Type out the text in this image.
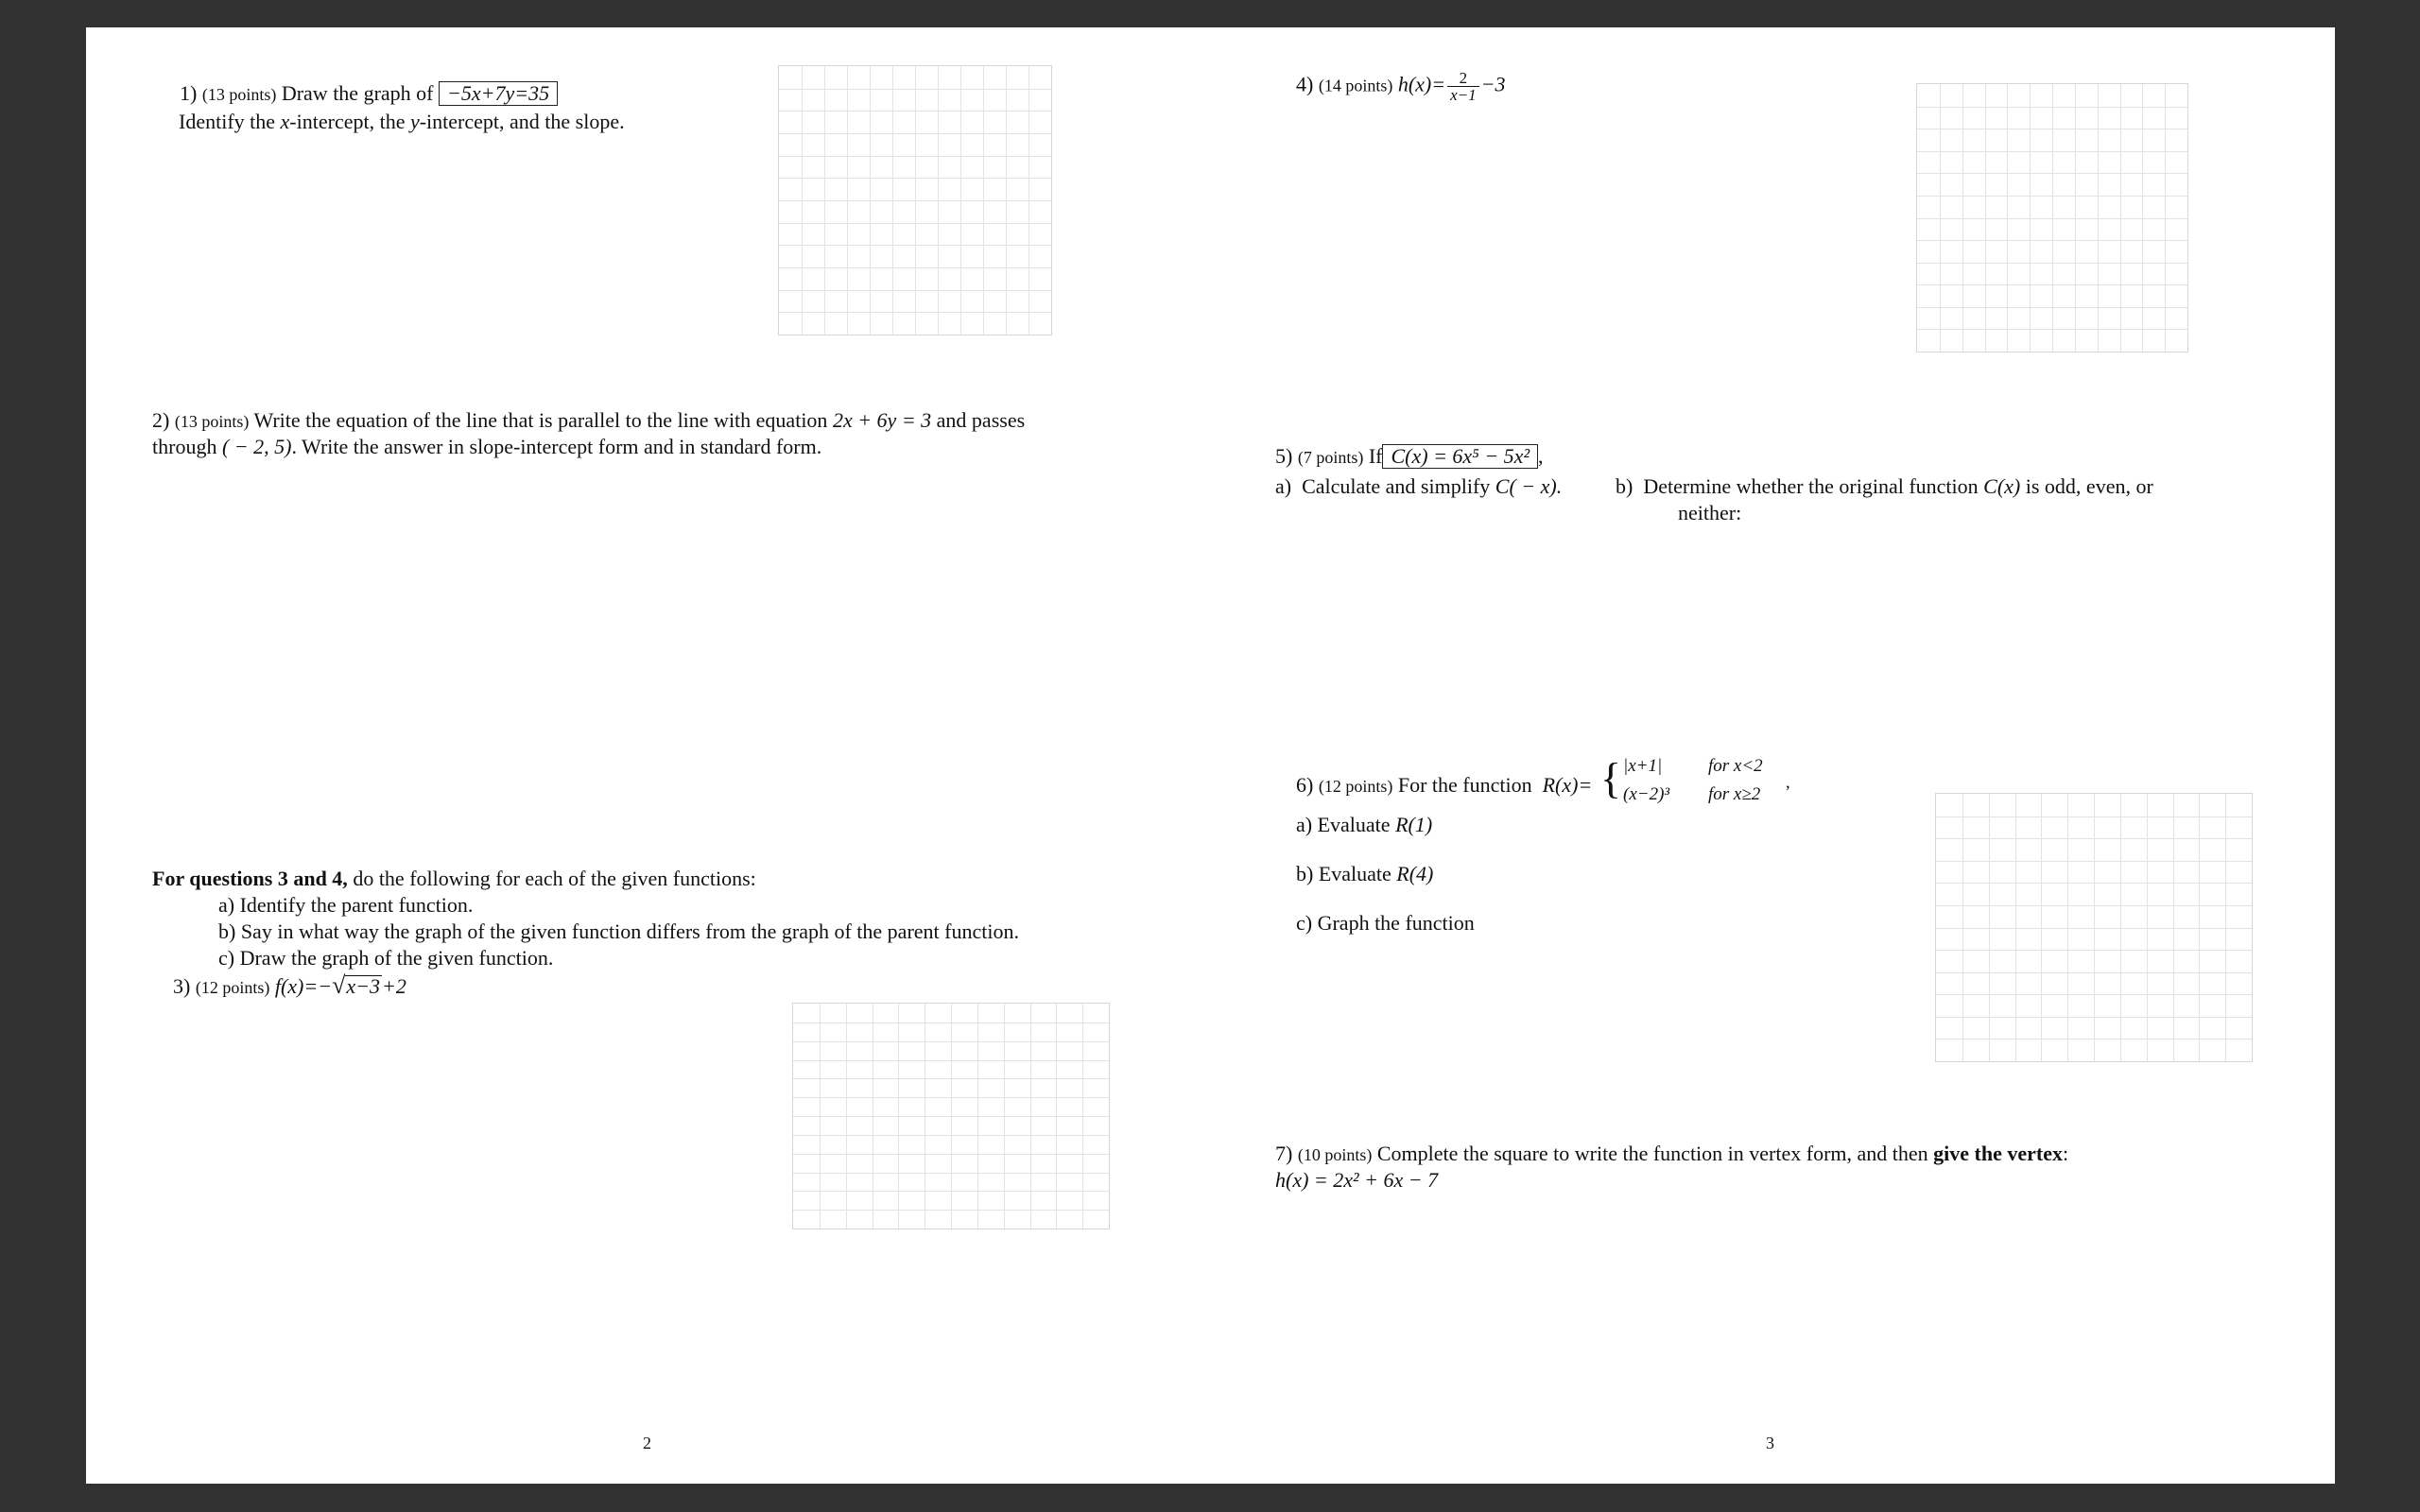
1) (13 points) Draw the graph of −5x+7y=35
Identify the x-intercept, the y-intercept, and the slope.
2) (13 points) Write the equation of the line that is parallel to the line with equation 2x + 6y = 3 and passes
through ( − 2, 5). Write the answer in slope-intercept form and in standard form.
For questions 3 and 4, do the following for each of the given functions:
a) Identify the parent function.
b) Say in what way the graph of the given function differs from the graph of the parent function.
c) Draw the graph of the given function.
3) (12 points) f(x)=−√x−3+2
2
4) (14 points) $h(x)= \frac{2}{x-1} -3$
5) (7 points) If C(x) = 6x⁵ − 5x² ,
a) Calculate and simplify C( − x).	b) Determine whether the original function C(x) is odd, even, or
neither:
6) (12 points) For the function R(x)= { |x+1|	for x<2
(x−2)³ for x≥2 ’
a) Evaluate R(1)
b) Evaluate R(4)
c) Graph the function
7) (10 points) Complete the square to write the function in vertex form, and then give the vertex:
h(x) = 2x² + 6x − 7
3
